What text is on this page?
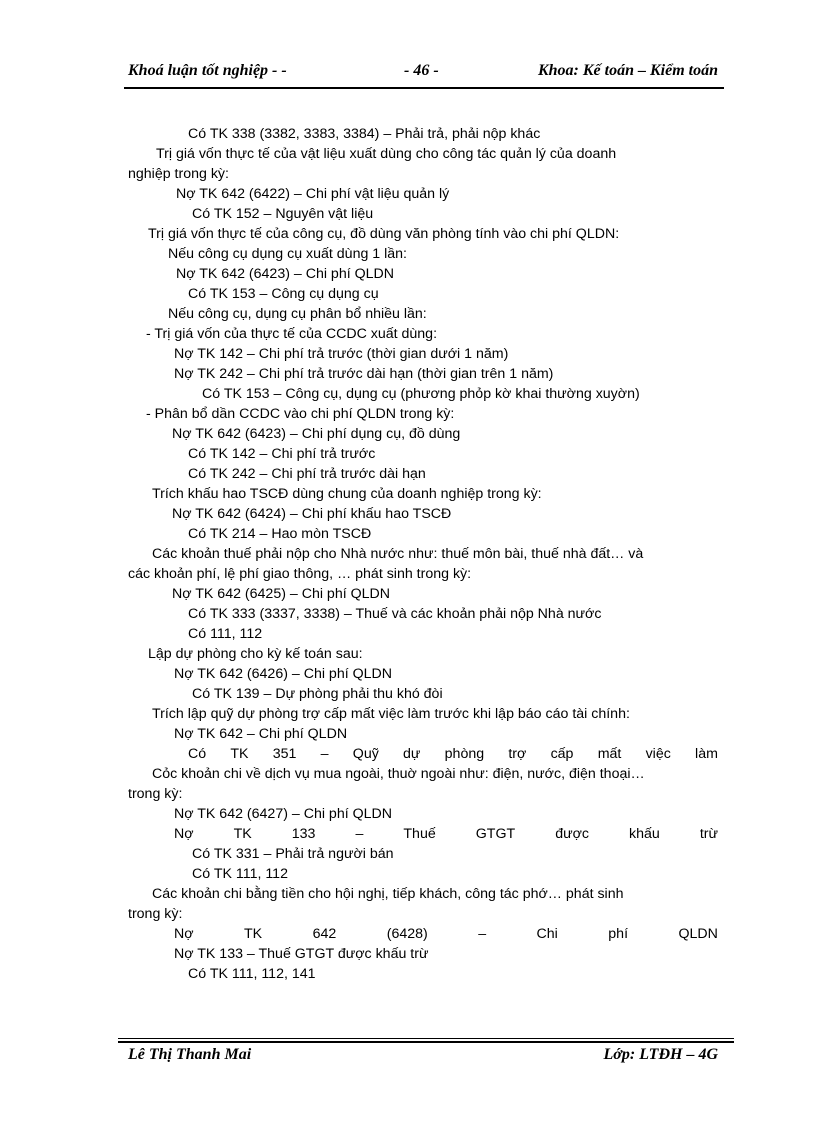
Khoá luận tốt nghiệp - -	- 46 -	Khoa: Kế toán – Kiểm toán
Có TK 338 (3382, 3383, 3384) – Phải trả, phải nộp khác
Trị giá vốn thực tế của vật liệu xuất dùng cho công tác quản lý của doanh
nghiệp trong kỳ:
Nợ TK 642 (6422) – Chi phí vật liệu quản lý
Có TK 152 – Nguyên vật liệu
Trị giá vốn thực tế của công cụ, đồ dùng văn phòng tính vào chi phí QLDN:
Nếu công cụ dụng cụ xuất dùng 1 lần:
Nợ TK 642 (6423) – Chi phí QLDN
Có TK 153 – Công cụ dụng cụ
Nếu công cụ, dụng cụ phân bổ nhiều lần:
- Trị giá vốn của thực tế của CCDC xuất dùng:
Nợ TK 142 – Chi phí trả trước (thời gian dưới 1 năm)
Nợ TK 242 – Chi phí trả trước dài hạn (thời gian trên 1 năm)
Có TK 153 – Công cụ, dụng cụ (phương phỏp kờ khai thường xuyờn)
- Phân bổ dần CCDC vào chi phí QLDN trong kỳ:
Nợ TK 642 (6423) – Chi phí dụng cụ, đồ dùng
Có TK 142 – Chi phí trả trước
Có TK 242 – Chi phí trả trước dài hạn
Trích khấu hao TSCĐ dùng chung của doanh nghiệp trong kỳ:
Nợ TK 642 (6424) – Chi phí khấu hao TSCĐ
Có TK 214 – Hao mòn TSCĐ
Các khoản thuế phải nộp cho Nhà nước như: thuế môn bài, thuế nhà đất… và
các khoản phí, lệ phí giao thông, … phát sinh trong kỳ:
Nợ TK 642 (6425) – Chi phí QLDN
Có TK 333 (3337, 3338) – Thuế và các khoản phải nộp Nhà nước
Có 111, 112
Lập dự phòng cho kỳ kế toán sau:
Nợ TK 642 (6426) – Chi phí QLDN
Có TK 139 – Dự phòng phải thu khó đòi
Trích lập quỹ dự phòng trợ cấp mất việc làm trước khi lập báo cáo tài chính:
Nợ TK 642 – Chi phí QLDN
Có TK 351 – Quỹ dự phòng trợ cấp mất việc làm
Cỏc khoản chi về dịch vụ mua ngoài, thuờ ngoài như: điện, nước, điện thoại…
trong kỳ:
Nợ TK 642 (6427) – Chi phí QLDN
Nợ	TK	133	–	Thuế	GTGT	được	khấu	trừ
Có TK 331 – Phải trả người bán
Có TK 111, 112
Các khoản chi bằng tiền cho hội nghị, tiếp khách, công tác phớ… phát sinh
trong kỳ:
Nợ	TK	642	(6428)	–	Chi	phí	QLDN
Nợ TK 133 – Thuế GTGT được khấu trừ
Có TK 111, 112, 141
Lê Thị Thanh Mai	Lớp: LTĐH – 4G
